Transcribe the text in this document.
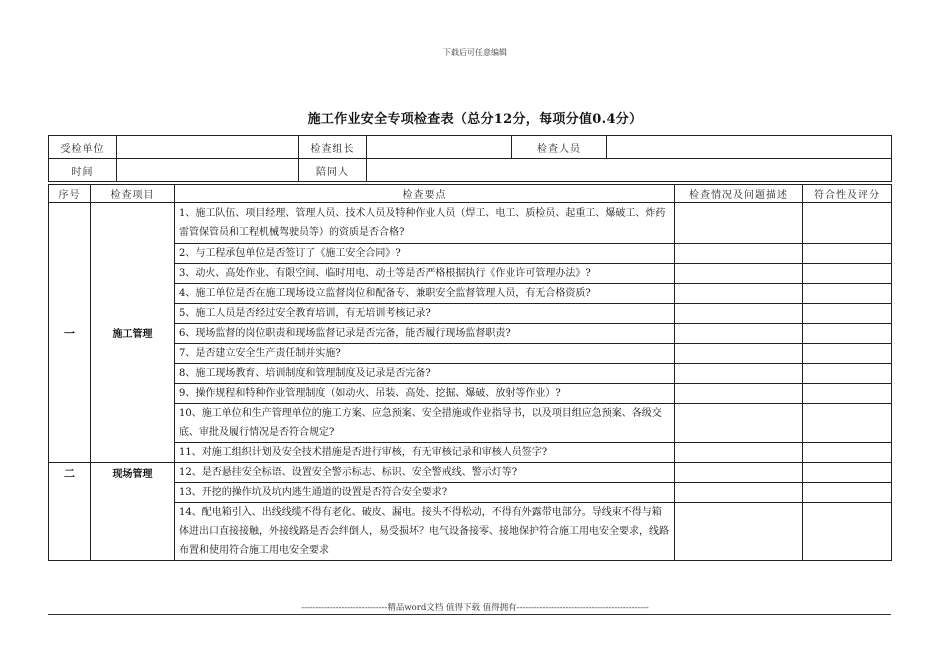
下载后可任意编辑
施工作业安全专项检查表（总分12分，每项分值0.4分）
受检单位		检查组长		检查人员	
时间		陪同人			
序号	检查项目	检查要点	检查情况及问题描述	符合性及评分
一	施工管理	1、施工队伍、项目经理、管理人员、技术人员及特种作业人员（焊工、电工、质检员、起重工、爆破工、炸药雷管保管员和工程机械驾驶员等）的资质是否合格?		
		2、与工程承包单位是否签订了《施工安全合同》?		
		3、动火、高处作业、有限空间、临时用电、动土等是否严格根据执行《作业许可管理办法》?		
		4、施工单位是否在施工现场设立监督岗位和配备专、兼职安全监督管理人员，有无合格资质?		
		5、施工人员是否经过安全教育培训，有无培训考核记录?		
		6、现场监督的岗位职责和现场监督记录是否完备，能否履行现场监督职责?		
		7、是否建立安全生产责任制并实施?		
		8、施工现场教育、培训制度和管理制度及记录是否完备?		
		9、操作规程和特种作业管理制度（如动火、吊装、高处、挖掘、爆破、放射等作业）?		
		10、施工单位和生产管理单位的施工方案、应急预案、安全措施或作业指导书，以及项目组应急预案、各级交底、审批及履行情况是否符合规定?		
		11、对施工组织计划及安全技术措施是否进行审核，有无审核记录和审核人员签字?		
二	现场管理	12、是否悬挂安全标语、设置安全警示标志、标识、安全警戒线、警示灯等?		
		13、开挖的操作坑及坑内逃生通道的设置是否符合安全要求?		
		14、配电箱引入、出线线缆不得有老化、破皮、漏电。接头不得松动，不得有外露带电部分。导线束不得与箱体进出口直接接触，外接线路是否会绊倒人，易受损坏？电气设备接零、接地保护符合施工用电安全要求，线路布置和使用符合施工用电安全要求		
------------------------------精品word文档 值得下载 值得拥有----------------------------------------------
